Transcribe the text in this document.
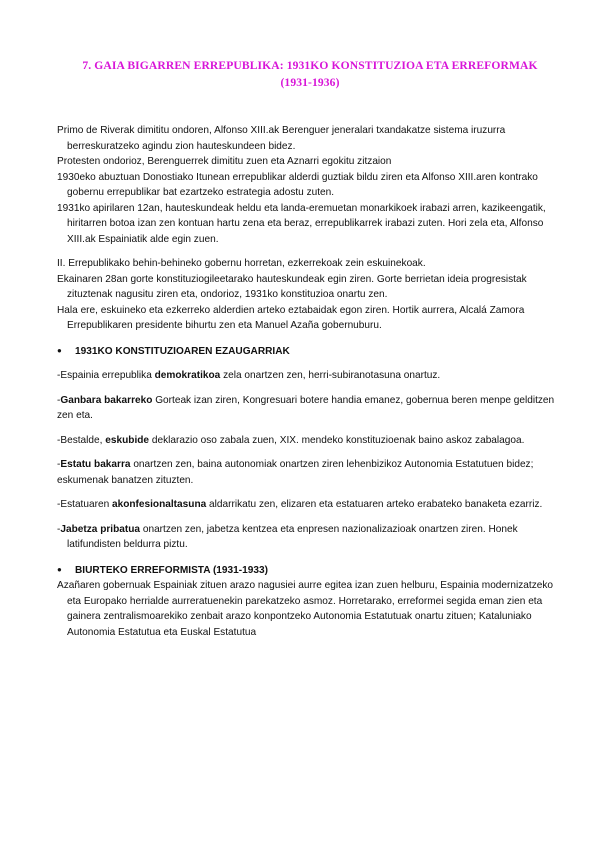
7. GAIA BIGARREN ERREPUBLIKA: 1931KO KONSTITUZIOA ETA ERREFORMAK
(1931-1936)

Primo de Riverak dimititu ondoren, Alfonso XIII.ak Berenguer jeneralari txandakatze sistema iruzurra berreskuratzeko agindu zion hauteskundeen bidez.

Protesten ondorioz, Berenguerrek dimititu zuen eta Aznarri egokitu zitzaion

1930eko abuztuan Donostiako Itunean errepublikar alderdi guztiak bildu ziren eta Alfonso XIII.aren kontrako gobernu errepublikar bat ezartzeko estrategia adostu zuten.

1931ko apirilaren 12an, hauteskundeak heldu eta landa-eremuetan monarkikoek irabazi arren, kazikeengatik, hiritarren botoa izan zen kontuan hartu zena eta beraz, errepublikarrek irabazi zuten. Hori zela eta, Alfonso XIII.ak Espainiatik alde egin zuen.

II. Errepublikako behin-behineko gobernu horretan, ezkerrekoak zein eskuinekoak.

Ekainaren 28an gorte konstituziogileetarako hauteskundeak egin ziren. Gorte berrietan ideia progresistak zituztenak nagusitu ziren eta, ondorioz, 1931ko konstituzioa onartu zen.

Hala ere, eskuineko eta ezkerreko alderdien arteko eztabaidak egon ziren. Hortik aurrera, Alcalá Zamora Errepublikaren presidente bihurtu zen eta Manuel Azaña gobernuburu.

● 1931KO KONSTITUZIOAREN EZAUGARRIAK

-Espainia errepublika demokratikoa zela onartzen zen, herri-subiranotasuna onartuz.

-Ganbara bakarreko Gorteak izan ziren, Kongresuari botere handia emanez, gobernua beren menpe gelditzen zen eta.

-Bestalde, eskubide deklarazio oso zabala zuen, XIX. mendeko konstituzioenak baino askoz zabalagoa.

-Estatu bakarra onartzen zen, baina autonomiak onartzen ziren lehenbizikoz Autonomia Estatutuen bidez; eskumenak banatzen zituzten.

-Estatuaren akonfesionaltasuna aldarrikatu zen, elizaren eta estatuaren arteko erabateko banaketa ezarriz.

-Jabetza pribatua onartzen zen, jabetza kentzea eta enpresen nazionalizazioak onartzen ziren. Honek latifundisten beldurra piztu.

● BIURTEKO ERREFORMISTA (1931-1933)

Azañaren gobernuak Espainiak zituen arazo nagusiei aurre egitea izan zuen helburu, Espainia modernizatzeko eta Europako herrialde aurreratuenekin parekatzeko asmoz. Horretarako, erreformei segida eman zien eta gainera zentralismoarekiko zenbait arazo konpontzeko Autonomia Estatutuak onartu zituen; Kataluniako Autonomia Estatutua eta Euskal Estatutua
